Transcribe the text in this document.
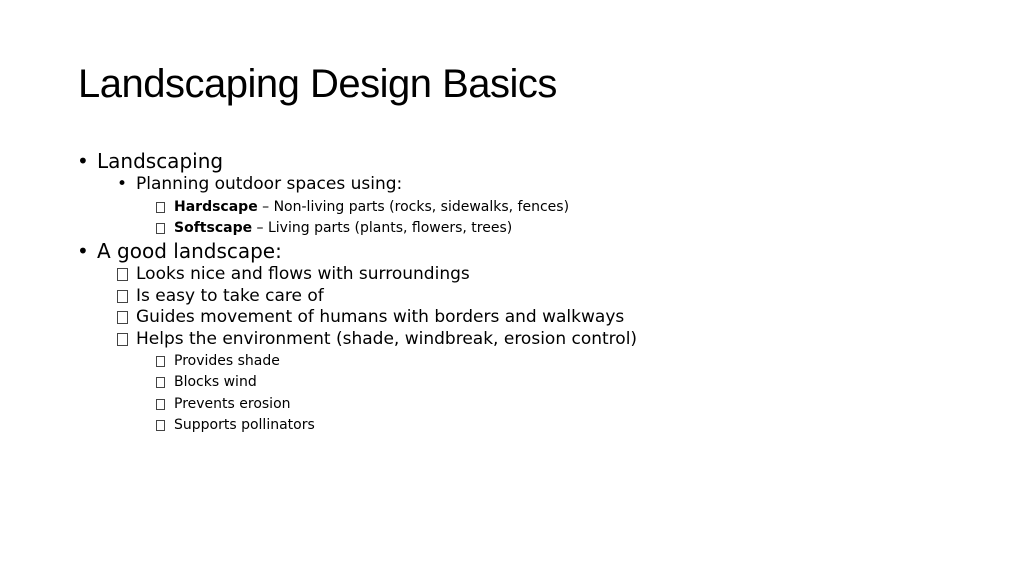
Landscaping Design Basics
• Landscaping
• Planning outdoor spaces using:
Hardscape – Non-living parts (rocks, sidewalks, fences)
Softscape – Living parts (plants, flowers, trees)
• A good landscape:
Looks nice and flows with surroundings
Is easy to take care of
Guides movement of humans with borders and walkways
Helps the environment (shade, windbreak, erosion control)
Provides shade
Blocks wind
Prevents erosion
Supports pollinators
